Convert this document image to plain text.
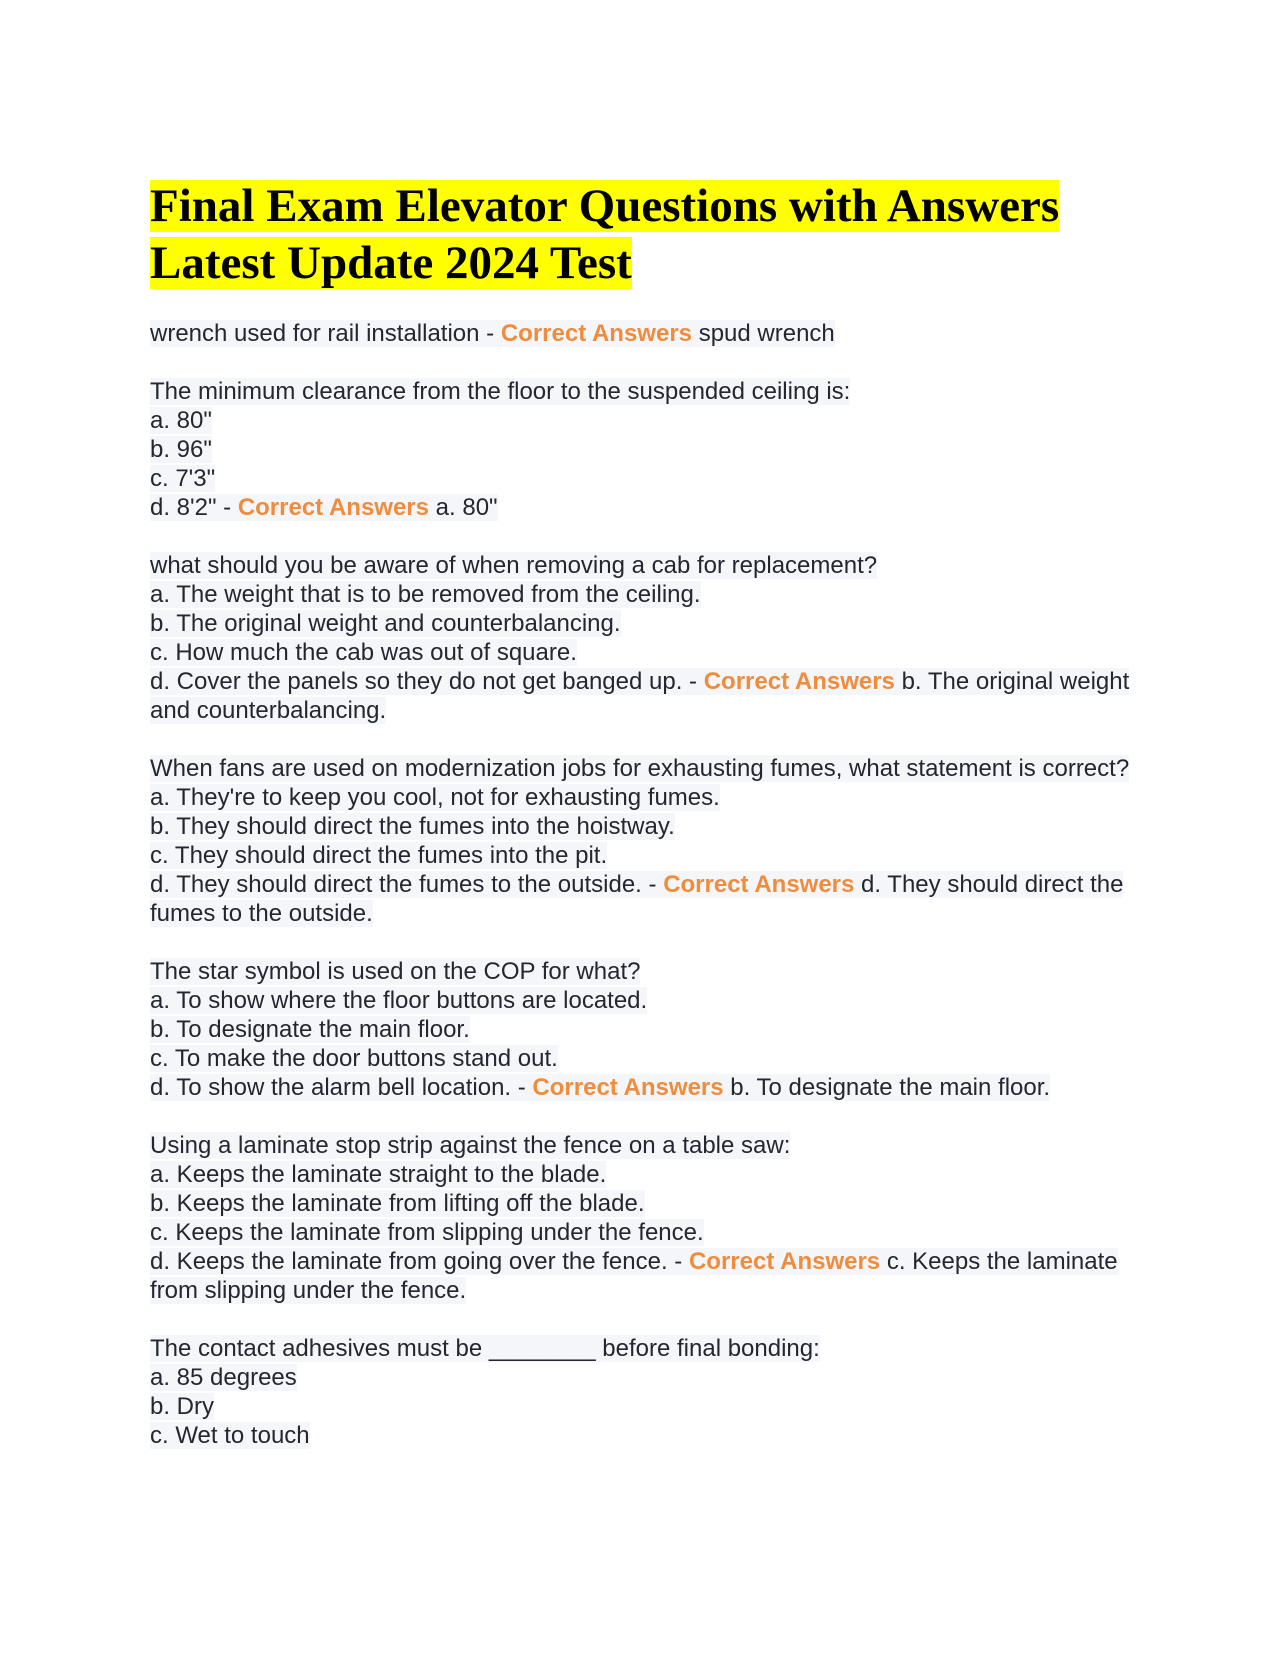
Final Exam Elevator Questions with Answers
Latest Update 2024 Test
wrench used for rail installation - Correct Answers spud wrench
The minimum clearance from the floor to the suspended ceiling is:
a. 80"
b. 96"
c. 7'3"
d. 8'2" - Correct Answers a. 80"
what should you be aware of when removing a cab for replacement?
a. The weight that is to be removed from the ceiling.
b. The original weight and counterbalancing.
c. How much the cab was out of square.
d. Cover the panels so they do not get banged up. - Correct Answers b. The original weight and counterbalancing.
When fans are used on modernization jobs for exhausting fumes, what statement is correct?
a. They're to keep you cool, not for exhausting fumes.
b. They should direct the fumes into the hoistway.
c. They should direct the fumes into the pit.
d. They should direct the fumes to the outside. - Correct Answers d. They should direct the fumes to the outside.
The star symbol is used on the COP for what?
a. To show where the floor buttons are located.
b. To designate the main floor.
c. To make the door buttons stand out.
d. To show the alarm bell location. - Correct Answers b. To designate the main floor.
Using a laminate stop strip against the fence on a table saw:
a. Keeps the laminate straight to the blade.
b. Keeps the laminate from lifting off the blade.
c. Keeps the laminate from slipping under the fence.
d. Keeps the laminate from going over the fence. - Correct Answers c. Keeps the laminate from slipping under the fence.
The contact adhesives must be ________ before final bonding:
a. 85 degrees
b. Dry
c. Wet to touch
